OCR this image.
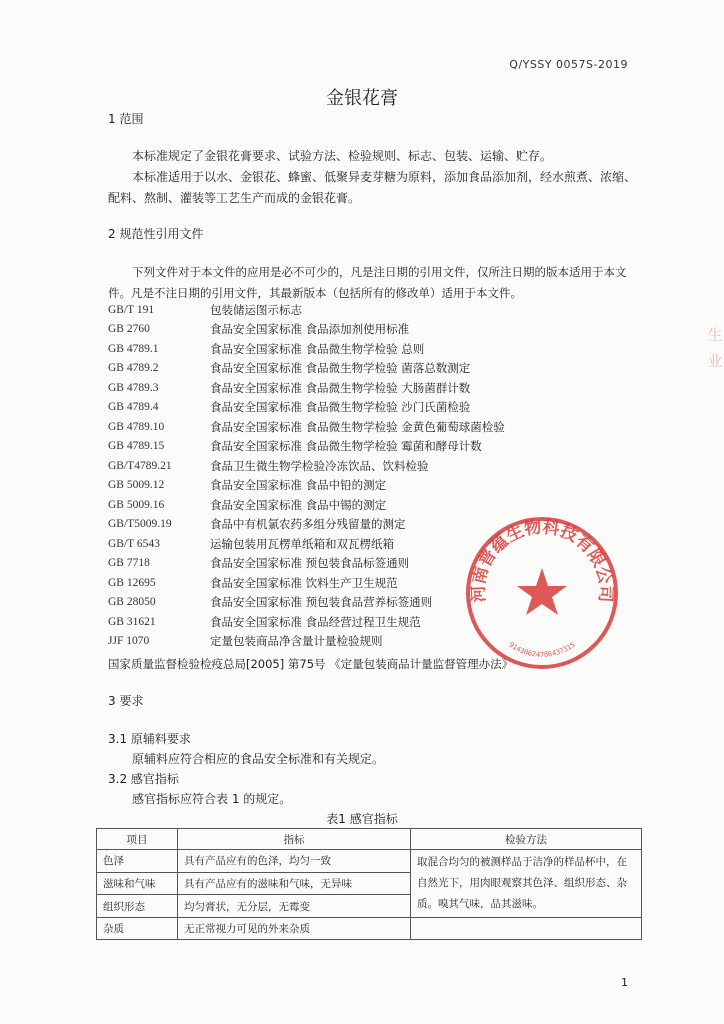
Q/YSSY 0057S-2019
金银花膏
1 范围
本标准规定了金银花膏要求、试验方法、检验规则、标志、包装、运输、贮存。
本标准适用于以水、金银花、蜂蜜、低聚异麦芽糖为原料，添加食品添加剂，经水煎煮、浓缩、配料、熬制、灌装等工艺生产而成的金银花膏。
2 规范性引用文件
下列文件对于本文件的应用是必不可少的，凡是注日期的引用文件，仅所注日期的版本适用于本文件。凡是不注日期的引用文件，其最新版本（包括所有的修改单）适用于本文件。
GB/T 191	包装储运图示标志
GB 2760	食品安全国家标准 食品添加剂使用标准
GB 4789.1	食品安全国家标准 食品微生物学检验 总则
GB 4789.2	食品安全国家标准 食品微生物学检验 菌落总数测定
GB 4789.3	食品安全国家标准 食品微生物学检验 大肠菌群计数
GB 4789.4	食品安全国家标准 食品微生物学检验 沙门氏菌检验
GB 4789.10	食品安全国家标准 食品微生物学检验 金黄色葡萄球菌检验
GB 4789.15	食品安全国家标准 食品微生物学检验 霉菌和酵母计数
GB/T4789.21	食品卫生微生物学检验冷冻饮品、饮料检验
GB 5009.12	食品安全国家标准 食品中铅的测定
GB 5009.16	食品安全国家标准 食品中锡的测定
GB/T5009.19	食品中有机氯农药多组分残留量的测定
GB/T 6543	运输包装用瓦楞单纸箱和双瓦楞纸箱
GB 7718	食品安全国家标准 预包装食品标签通则
GB 12695	食品安全国家标准 饮料生产卫生规范
GB 28050	食品安全国家标准 预包装食品营养标签通则
GB 31621	食品安全国家标准 食品经营过程卫生规范
JJF 1070	定量包装商品净含量计量检验规则
国家质量监督检验检疫总局[2005] 第75号 《定量包装商品计量监督管理办法》
3 要求
3.1 原辅料要求
原辅料应符合相应的食品安全标准和有关规定。
3.2 感官指标
感官指标应符合表 1 的规定。
表1 感官指标
项目	指标	检验方法
色泽	具有产品应有的色泽，均匀一致	取混合均匀的被测样品于洁净的样品杯中，在自然光下，用肉眼观察其色泽、组织形态、杂质。嗅其气味，品其滋味。
滋味和气味	具有产品应有的滋味和气味，无异味	
组织形态	均匀膏状，无分层，无霉变	
杂质	无正常视力可见的外来杂质	
河南普蕴生物科技有限公司
91430624786437315
生 业
1
